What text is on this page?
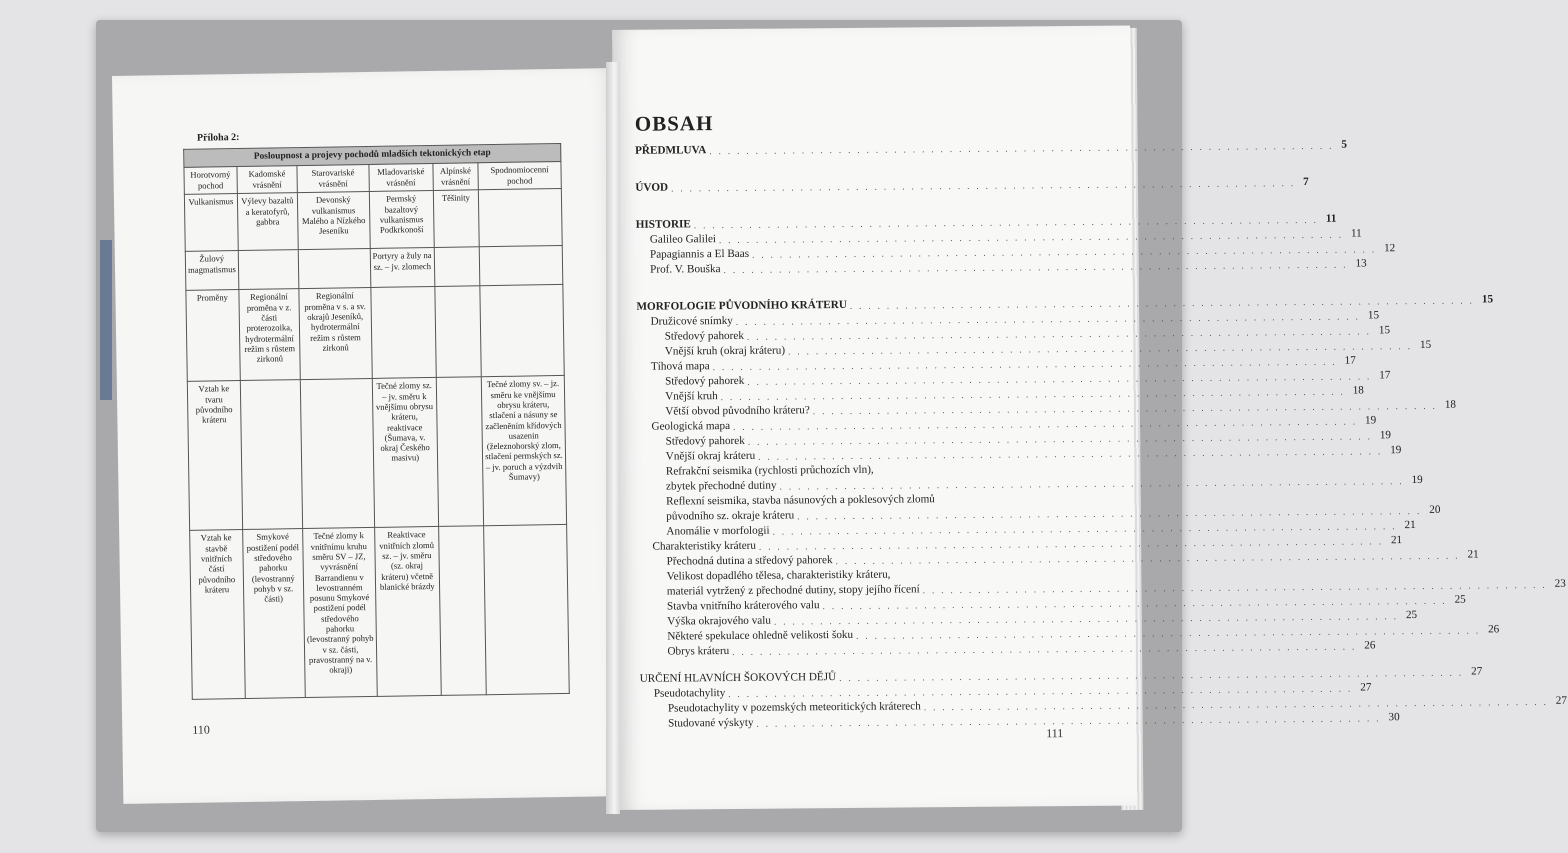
Příloha 2:
Posloupnost a projevy pochodů mladších tektonických etap					
Horotvorný pochod	Kadomské vrásnění	Starovariské vrásnění	Mladovariské vrásnění	Alpínské vrásnění	Spodnomiocenní pochod
Vulkanismus	Výlevy bazaltů a keratofyrů, gabbra	Devonský vulkanismus Malého a Nízkého Jeseníku	Permský bazaltový vulkanismus Podkrkonoší	Těšinity	
Žulový magmatismus			Portyry a žuly na sz. – jv. zlomech		
Proměny	Regionální proměna v z. části proterozoika, hydrotermální režim s růstem zirkonů	Regionální proměna v s. a sv. okrajů Jeseníků, hydrotermální režim s růstem zirkonů			
Vztah ke tvaru původního kráteru			Tečné zlomy sz. – jv. směru k vnějšímu obrysu kráteru, reaktivace (Šumava, v. okraj Českého masivu)		Tečné zlomy sv. – jz. směru ke vnějšímu obrysu kráteru, stlačení a násuny se začleněním křídových usazenin (železnohorský zlom, stlačení permských sz. – jv. poruch a výzdvih Šumavy)
Vztah ke stavbě vnitřních částí původního kráteru	Smykové postižení podél středového pahorku (levostranný pohyb v sz. části)	Tečné zlomy k vnitřnímu kruhu směru SV – JZ, vyvrásnění Barrandienu v levostranném posunu Smykové postižení podél středového pahorku (levostranný pohyb v sz. části, pravostranný na v. okraji)	Reaktivace vnitřních zlomů sz. – jv. směru (sz. okraj kráteru) včetně blanické brázdy		
110
OBSAH
PŘEDMLUVA .................................................................... 5
ÚVOD .................................................................... 7
HISTORIE .................................................................... 11
Galileo Galilei .................................................................... 11
Papagiannis a El Baas .................................................................... 12
Prof. V. Bouška .................................................................... 13
MORFOLOGIE PŮVODNÍHO KRÁTERU .................................................................... 15
Družicové snímky .................................................................... 15
Středový pahorek .................................................................... 15
Vnější kruh (okraj kráteru) .................................................................... 15
Tíhová mapa .................................................................... 17
Středový pahorek .................................................................... 17
Vnější kruh .................................................................... 18
Větší obvod původního kráteru? .................................................................... 18
Geologická mapa .................................................................... 19
Středový pahorek .................................................................... 19
Vnější okraj kráteru .................................................................... 19
Refrakční seismika (rychlosti průchozích vln),
zbytek přechodné dutiny .................................................................... 19
Reflexní seismika, stavba násunových a poklesových zlomů
původního sz. okraje kráteru .................................................................... 20
Anomálie v morfologii .................................................................... 21
Charakteristiky kráteru .................................................................... 21
Přechodná dutina a středový pahorek .................................................................... 21
Velikost dopadlého tělesa, charakteristiky kráteru,
materiál vytržený z přechodné dutiny, stopy jejího řícení .................................................................... 23
Stavba vnitřního kráterového valu .................................................................... 25
Výška okrajového valu .................................................................... 25
Některé spekulace ohledně velikosti šoku .................................................................... 26
Obrys kráteru .................................................................... 26
URČENÍ HLAVNÍCH ŠOKOVÝCH DĚJŮ .................................................................... 27
Pseudotachylity .................................................................... 27
Pseudotachylity v pozemských meteoritických kráterech .................................................................... 27
Studované výskyty .................................................................... 30
111
